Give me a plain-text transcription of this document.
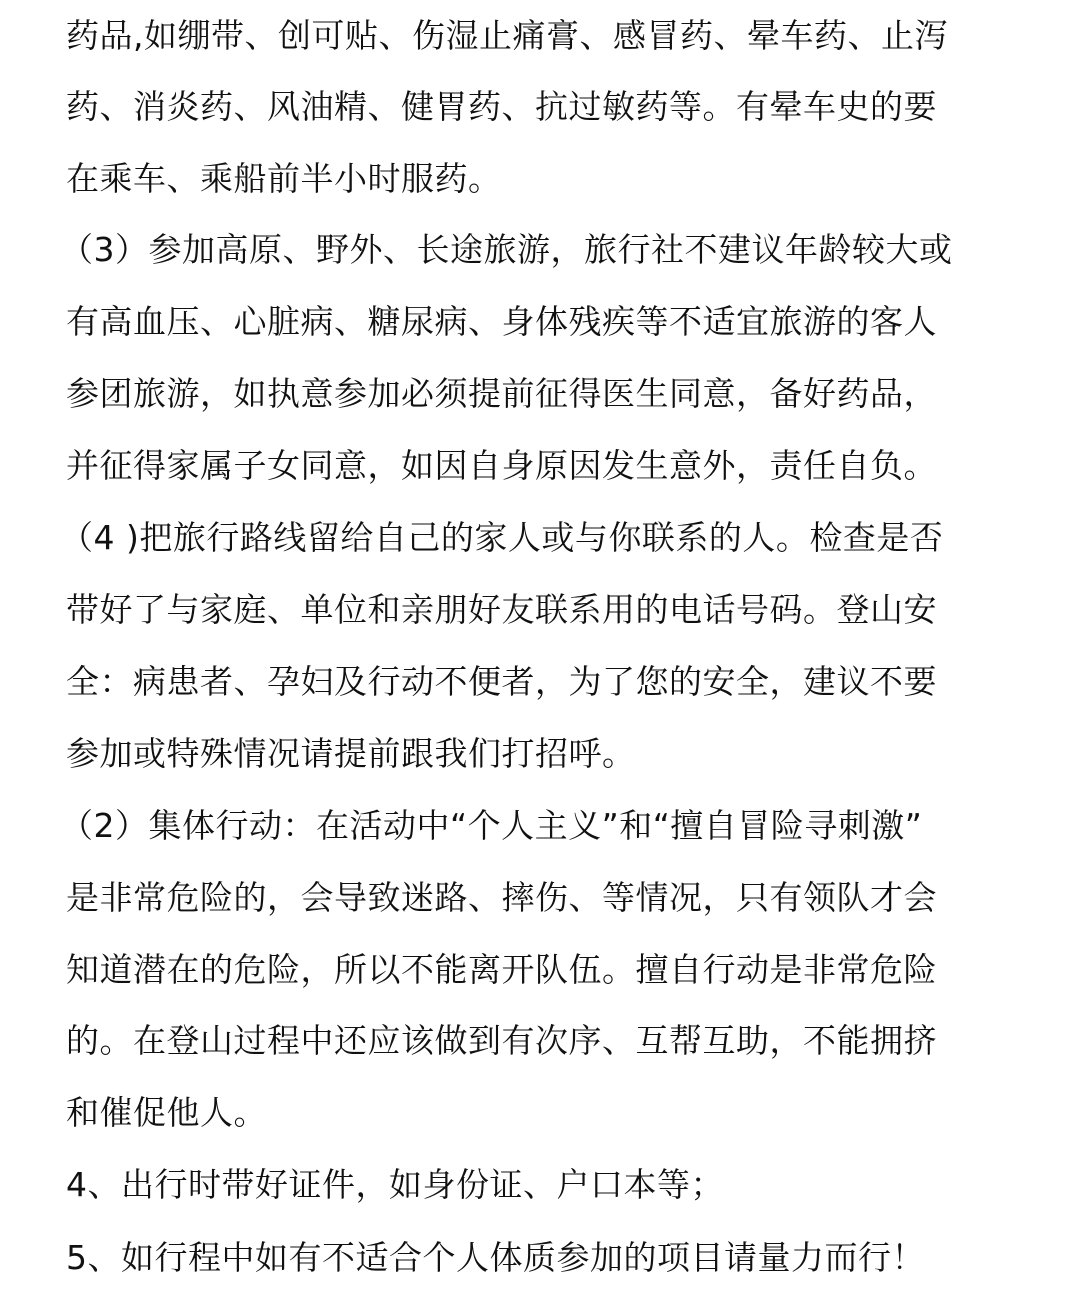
药品,如绷带、创可贴、伤湿止痛膏、感冒药、晕车药、止泻
药、消炎药、风油精、健胃药、抗过敏药等。有晕车史的要
在乘车、乘船前半小时服药。
（3）参加高原、野外、长途旅游，旅行社不建议年龄较大或
有高血压、心脏病、糖尿病、身体残疾等不适宜旅游的客人
参团旅游，如执意参加必须提前征得医生同意，备好药品，
并征得家属子女同意，如因自身原因发生意外，责任自负。
（4 )把旅行路线留给自己的家人或与你联系的人。检查是否
带好了与家庭、单位和亲朋好友联系用的电话号码。登山安
全：病患者、孕妇及行动不便者，为了您的安全，建议不要
参加或特殊情况请提前跟我们打招呼。
（2）集体行动：在活动中“个人主义”和“擅自冒险寻刺激”
是非常危险的，会导致迷路、摔伤、等情况，只有领队才会
知道潜在的危险，所以不能离开队伍。擅自行动是非常危险
的。在登山过程中还应该做到有次序、互帮互助，不能拥挤
和催促他人。
4、出行时带好证件，如身份证、户口本等；
5、如行程中如有不适合个人体质参加的项目请量力而行！
